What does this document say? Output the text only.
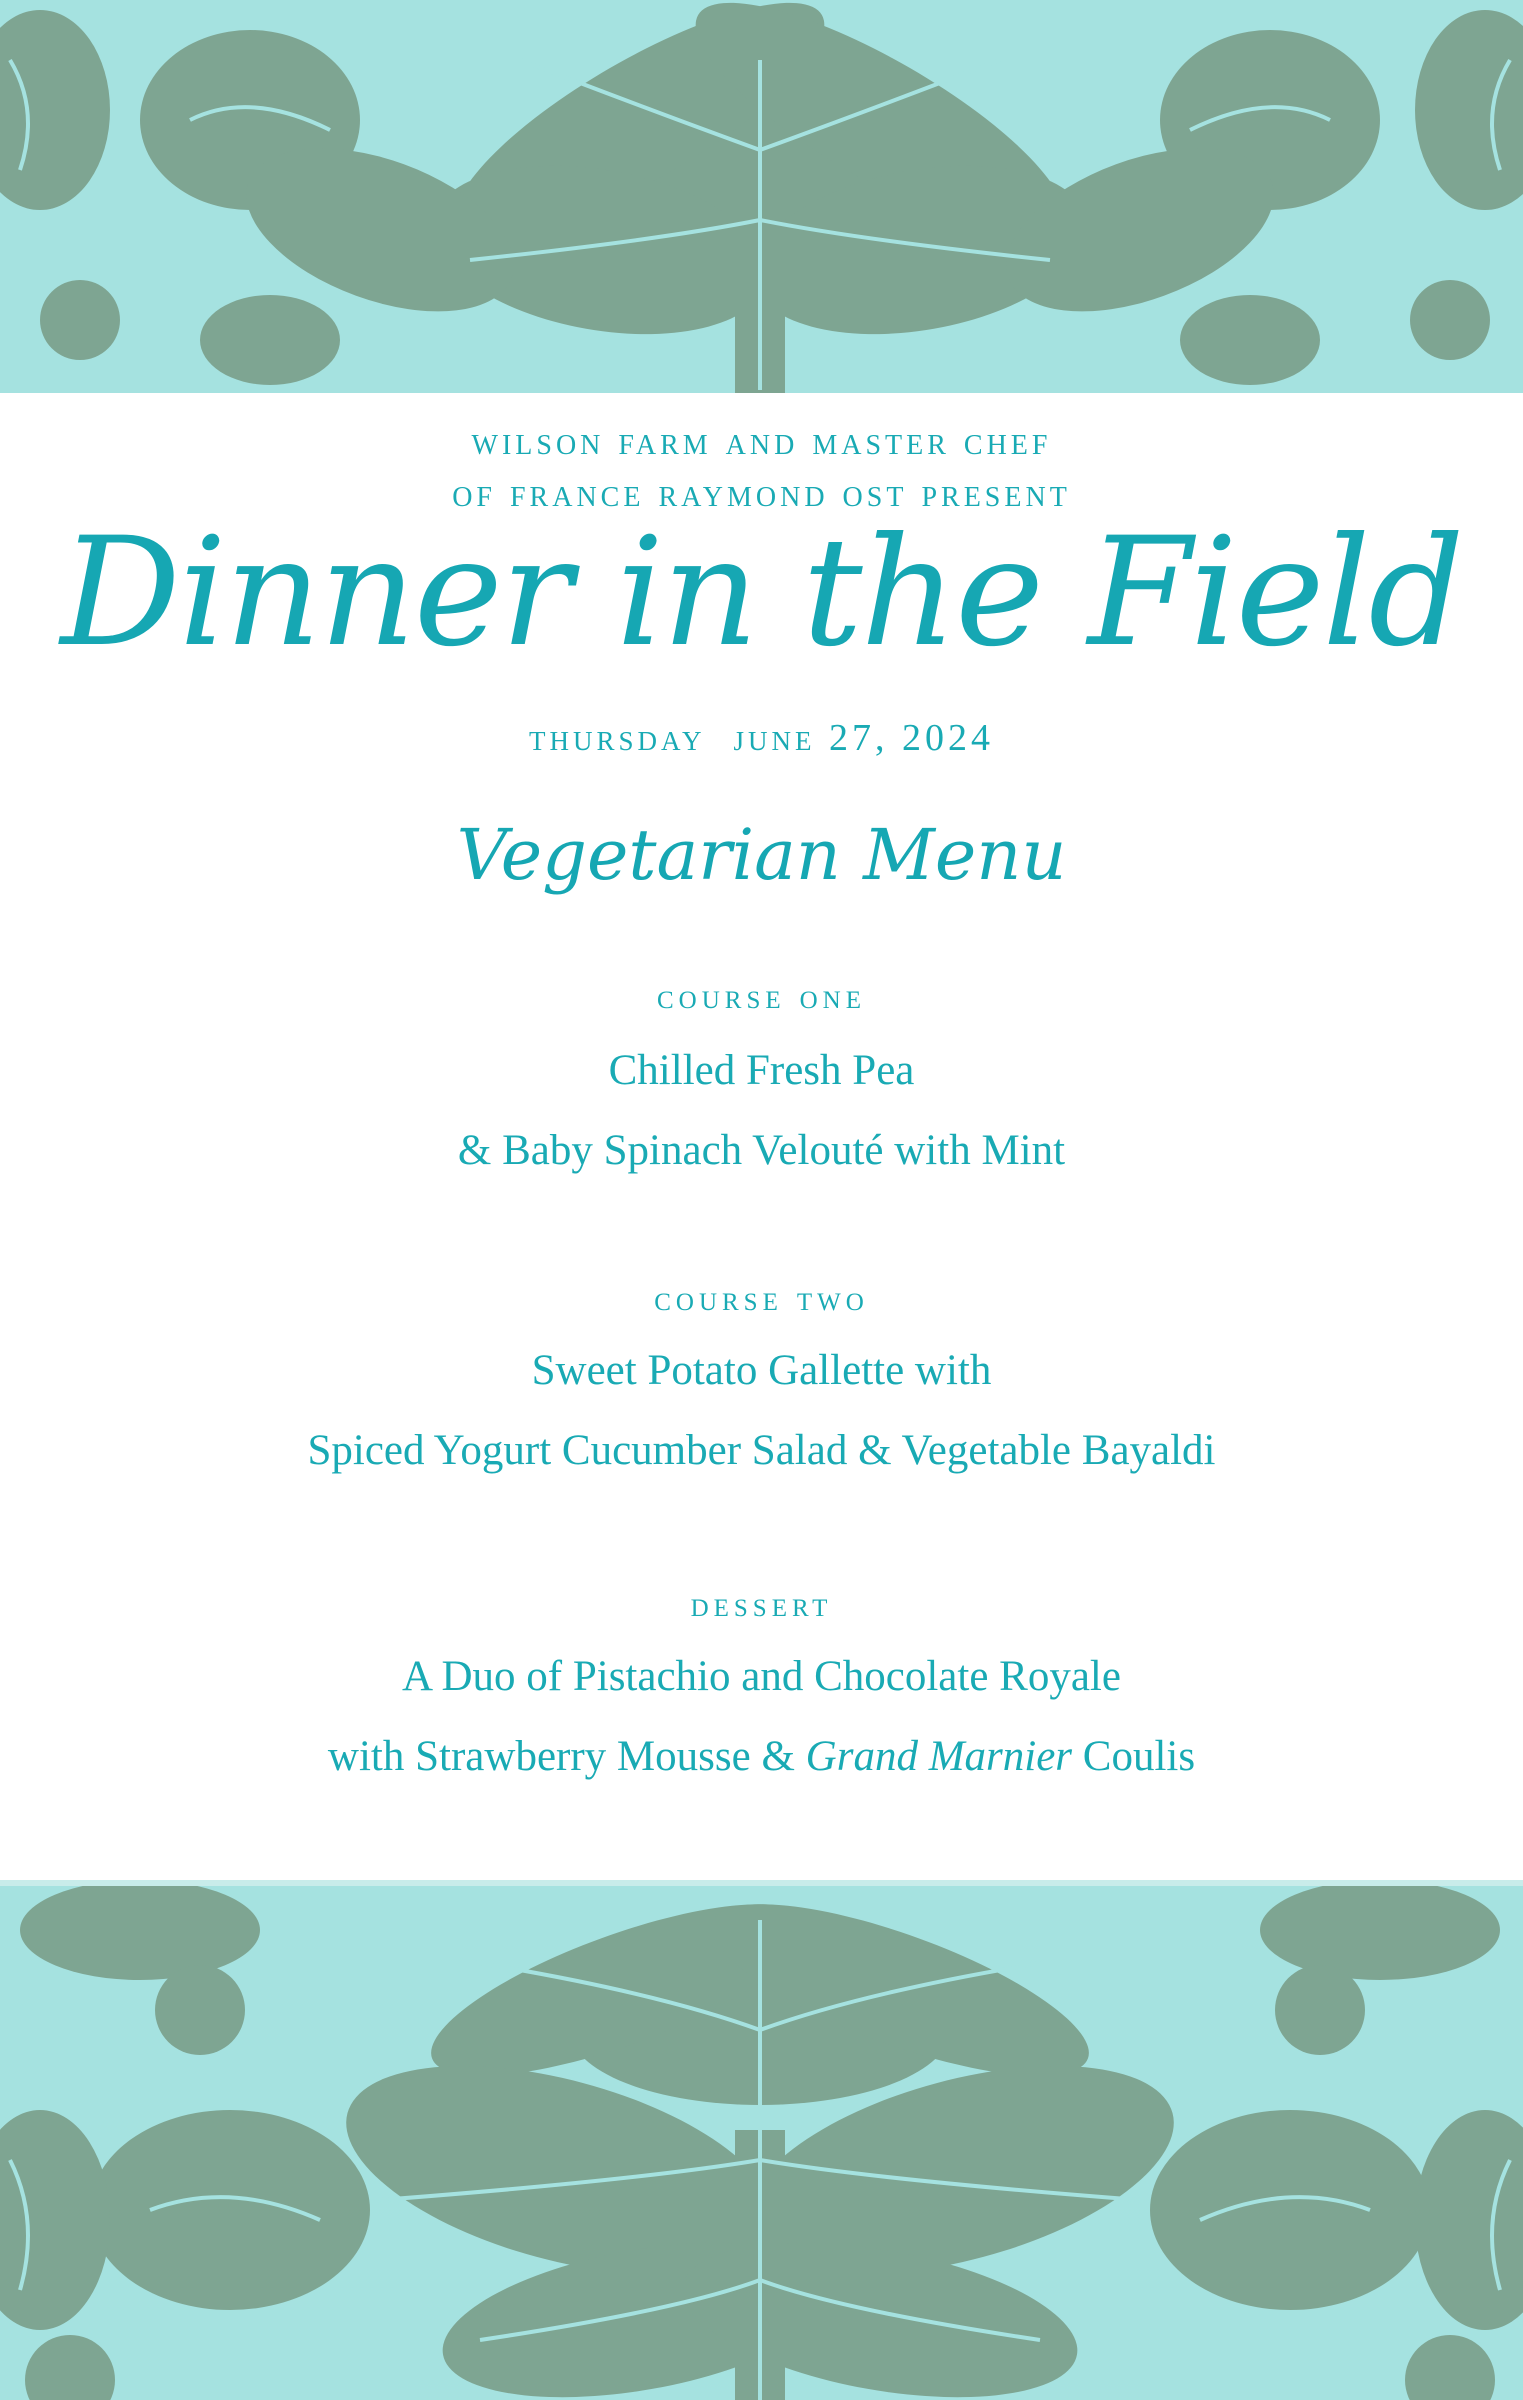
wilson farm and master chef
of france raymond ost present
Dinner in the Field
thursday june 27, 2024
Vegetarian Menu
course one
Chilled Fresh Pea
& Baby Spinach Velouté with Mint
course two
Sweet Potato Gallette with
Spiced Yogurt Cucumber Salad & Vegetable Bayaldi
dessert
A Duo of Pistachio and Chocolate Royale
with Strawberry Mousse & Grand Marnier Coulis
